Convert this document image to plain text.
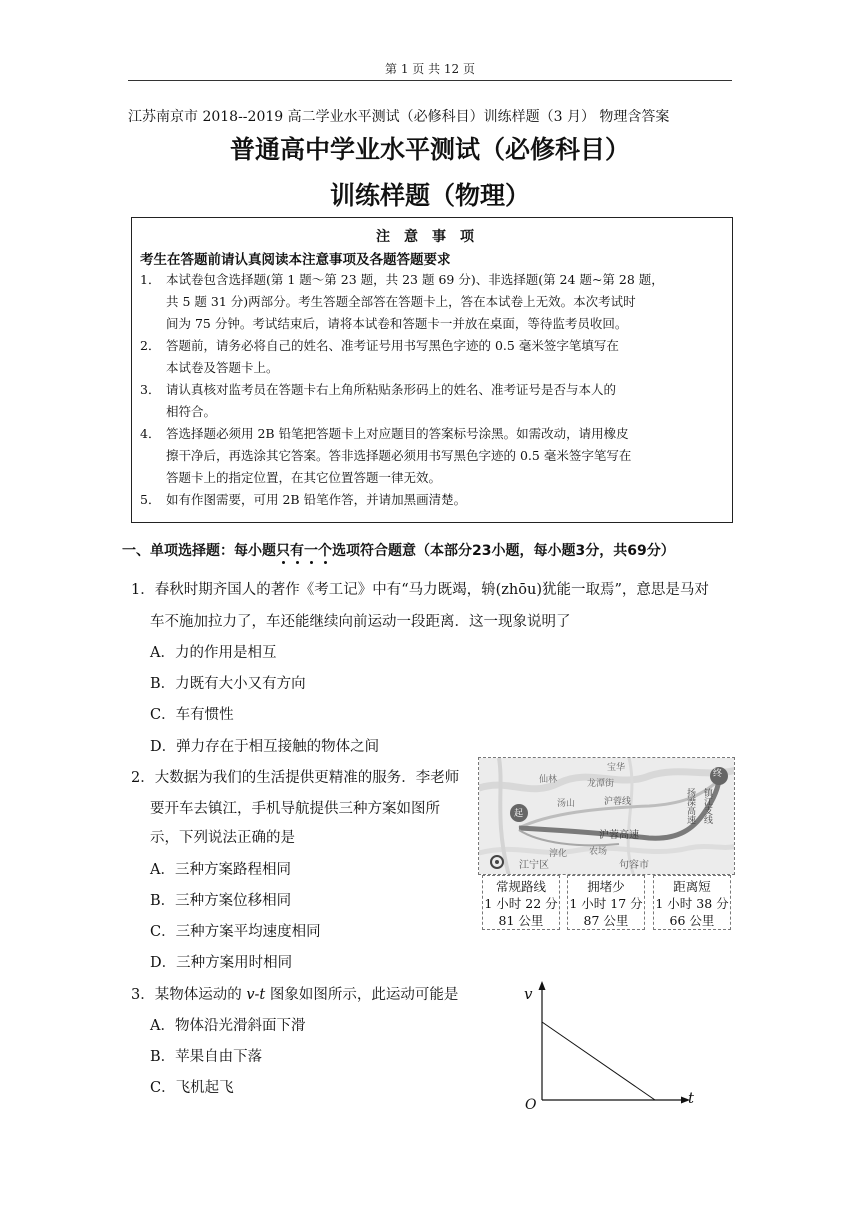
第 1 页 共 12 页
江苏南京市 2018--2019 高二学业水平测试（必修科目）训练样题（3 月） 物理含答案
普通高中学业水平测试（必修科目）
训练样题（物理）
注意事项
考生在答题前请认真阅读本注意事项及各题答题要求
1． 本试卷包含选择题(第 1 题～第 23 题，共 23 题 69 分)、非选择题(第 24 题~第 28 题，
共 5 题 31 分)两部分。考生答题全部答在答题卡上，答在本试卷上无效。本次考试时
间为 75 分钟。考试结束后，请将本试卷和答题卡一并放在桌面，等待监考员收回。
2． 答题前，请务必将自己的姓名、准考证号用书写黑色字迹的 0.5 毫米签字笔填写在
本试卷及答题卡上。
3． 请认真核对监考员在答题卡右上角所粘贴条形码上的姓名、准考证号是否与本人的
相符合。
4． 答选择题必须用 2B 铅笔把答题卡上对应题目的答案标号涂黑。如需改动，请用橡皮
擦干净后，再选涂其它答案。答非选择题必须用书写黑色字迹的 0.5 毫米签字笔写在
答题卡上的指定位置，在其它位置答题一律无效。
5． 如有作图需要，可用 2B 铅笔作答，并请加黑画清楚。
一、单项选择题：每小题只有一个选项符合题意（本部分23小题，每小题3分，共69分）
1．春秋时期齐国人的著作《考工记》中有“马力既竭，辀(zhōu)犹能一取焉”，意思是马对
车不施加拉力了，车还能继续向前运动一段距离．这一现象说明了
A．力的作用是相互
B．力既有大小又有方向
C．车有惯性
D．弹力存在于相互接触的物体之间
2．大数据为我们的生活提供更精准的服务．李老师
要开车去镇江，手机导航提供三种方案如图所
示，下列说法正确的是
A．三种方案路程相同
B．三种方案位移相同
C．三种方案平均速度相同
D．三种方案用时相同
终
起
沪蓉高速
沪蓉线	扬溧高速 镇江支线
宝华
仙林	龙潭街
汤山
江宁区	句容市
淳化 农场
常规路线
1 小时 22 分
81 公里
拥堵少
1 小时 17 分
87 公里
距离短
1 小时 38 分
66 公里
3．某物体运动的 v-t 图象如图所示，此运动可能是
A．物体沿光滑斜面下滑
B．苹果自由下落
C．飞机起飞
v
t
O
